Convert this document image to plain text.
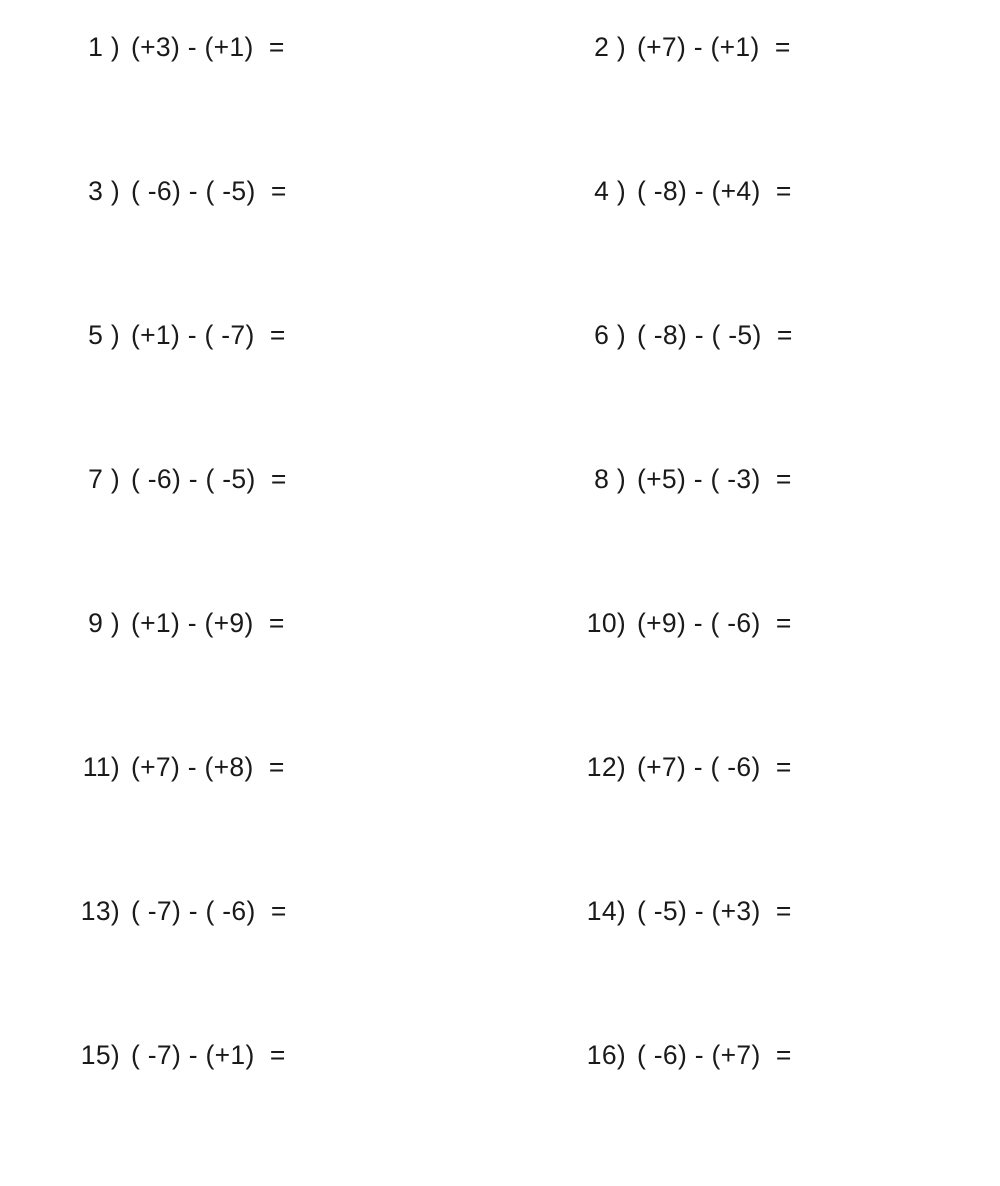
1 ) (+3) - (+1)  =	2 ) (+7) - (+1)  =
3 ) ( -6) - ( -5)  =	4 ) ( -8) - (+4)  =
5 ) (+1) - ( -7)  =	6 ) ( -8) - ( -5)  =
7 ) ( -6) - ( -5)  =	8 ) (+5) - ( -3)  =
9 ) (+1) - (+9)  =	10) (+9) - ( -6)  =
11) (+7) - (+8)  =	12) (+7) - ( -6)  =
13) ( -7) - ( -6)  =	14) ( -5) - (+3)  =
15) ( -7) - (+1)  =	16) ( -6) - (+7)  =
